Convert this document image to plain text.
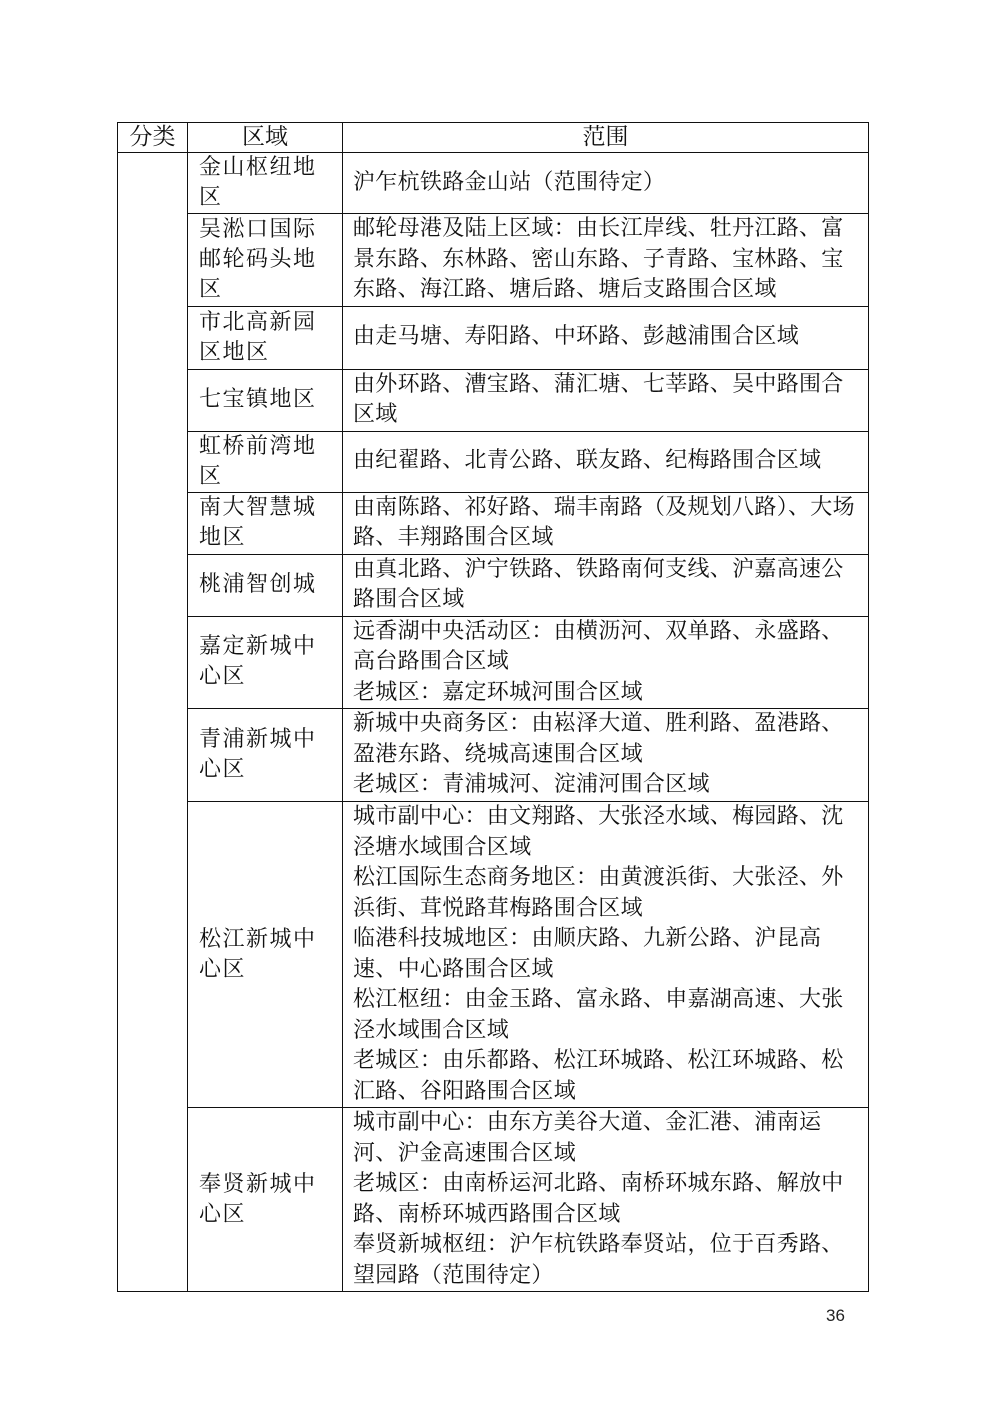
分类	区域	范围
	金山枢纽地区	沪乍杭铁路金山站（范围待定）

	吴淞口国际邮轮码头地区	邮轮母港及陆上区域：由长江岸线、牡丹江路、富景东路、东林路、密山东路、子青路、宝林路、宝东路、海江路、塘后路、塘后支路围合区域

	市北高新园区地区	由走马塘、寿阳路、中环路、彭越浦围合区域

	七宝镇地区	由外环路、漕宝路、蒲汇塘、七莘路、吴中路围合区域

	虹桥前湾地区	由纪翟路、北青公路、联友路、纪梅路围合区域

	南大智慧城地区	由南陈路、祁好路、瑞丰南路（及规划八路）、大场路、丰翔路围合区域

	桃浦智创城	由真北路、沪宁铁路、铁路南何支线、沪嘉高速公路围合区域

	嘉定新城中心区	远香湖中央活动区：由横沥河、双单路、永盛路、高台路围合区域
老城区：嘉定环城河围合区域

	青浦新城中心区	新城中央商务区：由崧泽大道、胜利路、盈港路、盈港东路、绕城高速围合区域
老城区：青浦城河、淀浦河围合区域

	松江新城中心区	城市副中心：由文翔路、大张泾水域、梅园路、沈泾塘水域围合区域
松江国际生态商务地区：由黄渡浜街、大张泾、外浜街、茸悦路茸梅路围合区域
临港科技城地区：由顺庆路、九新公路、沪昆高速、中心路围合区域
松江枢纽：由金玉路、富永路、申嘉湖高速、大张泾水域围合区域
老城区：由乐都路、松江环城路、松江环城路、松汇路、谷阳路围合区域

	奉贤新城中心区	城市副中心：由东方美谷大道、金汇港、浦南运河、沪金高速围合区域
老城区：由南桥运河北路、南桥环城东路、解放中路、南桥环城西路围合区域
奉贤新城枢纽：沪乍杭铁路奉贤站，位于百秀路、望园路（范围待定）
36
